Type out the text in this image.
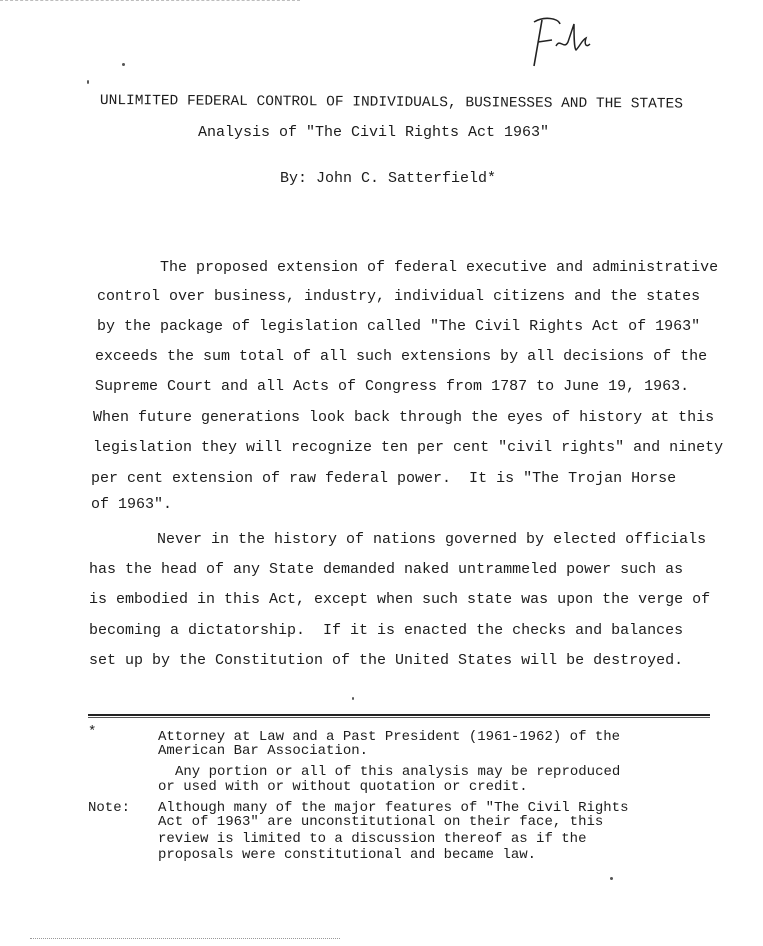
UNLIMITED FEDERAL CONTROL OF INDIVIDUALS, BUSINESSES AND THE STATES
Analysis of "The Civil Rights Act 1963"
By: John C. Satterfield*
The proposed extension of federal executive and administrative
control over business, industry, individual citizens and the states
by the package of legislation called "The Civil Rights Act of 1963"
exceeds the sum total of all such extensions by all decisions of the
Supreme Court and all Acts of Congress from 1787 to June 19, 1963.
When future generations look back through the eyes of history at this
legislation they will recognize ten per cent "civil rights" and ninety
per cent extension of raw federal power.  It is "The Trojan Horse
of 1963".
Never in the history of nations governed by elected officials
has the head of any State demanded naked untrammeled power such as
is embodied in this Act, except when such state was upon the verge of
becoming a dictatorship.  If it is enacted the checks and balances
set up by the Constitution of the United States will be destroyed.
*	Attorney at Law and a Past President (1961-1962) of the
American Bar Association.
Any portion or all of this analysis may be reproduced
or used with or without quotation or credit.
Note: Although many of the major features of "The Civil Rights
Act of 1963" are unconstitutional on their face, this
review is limited to a discussion thereof as if the
proposals were constitutional and became law.
